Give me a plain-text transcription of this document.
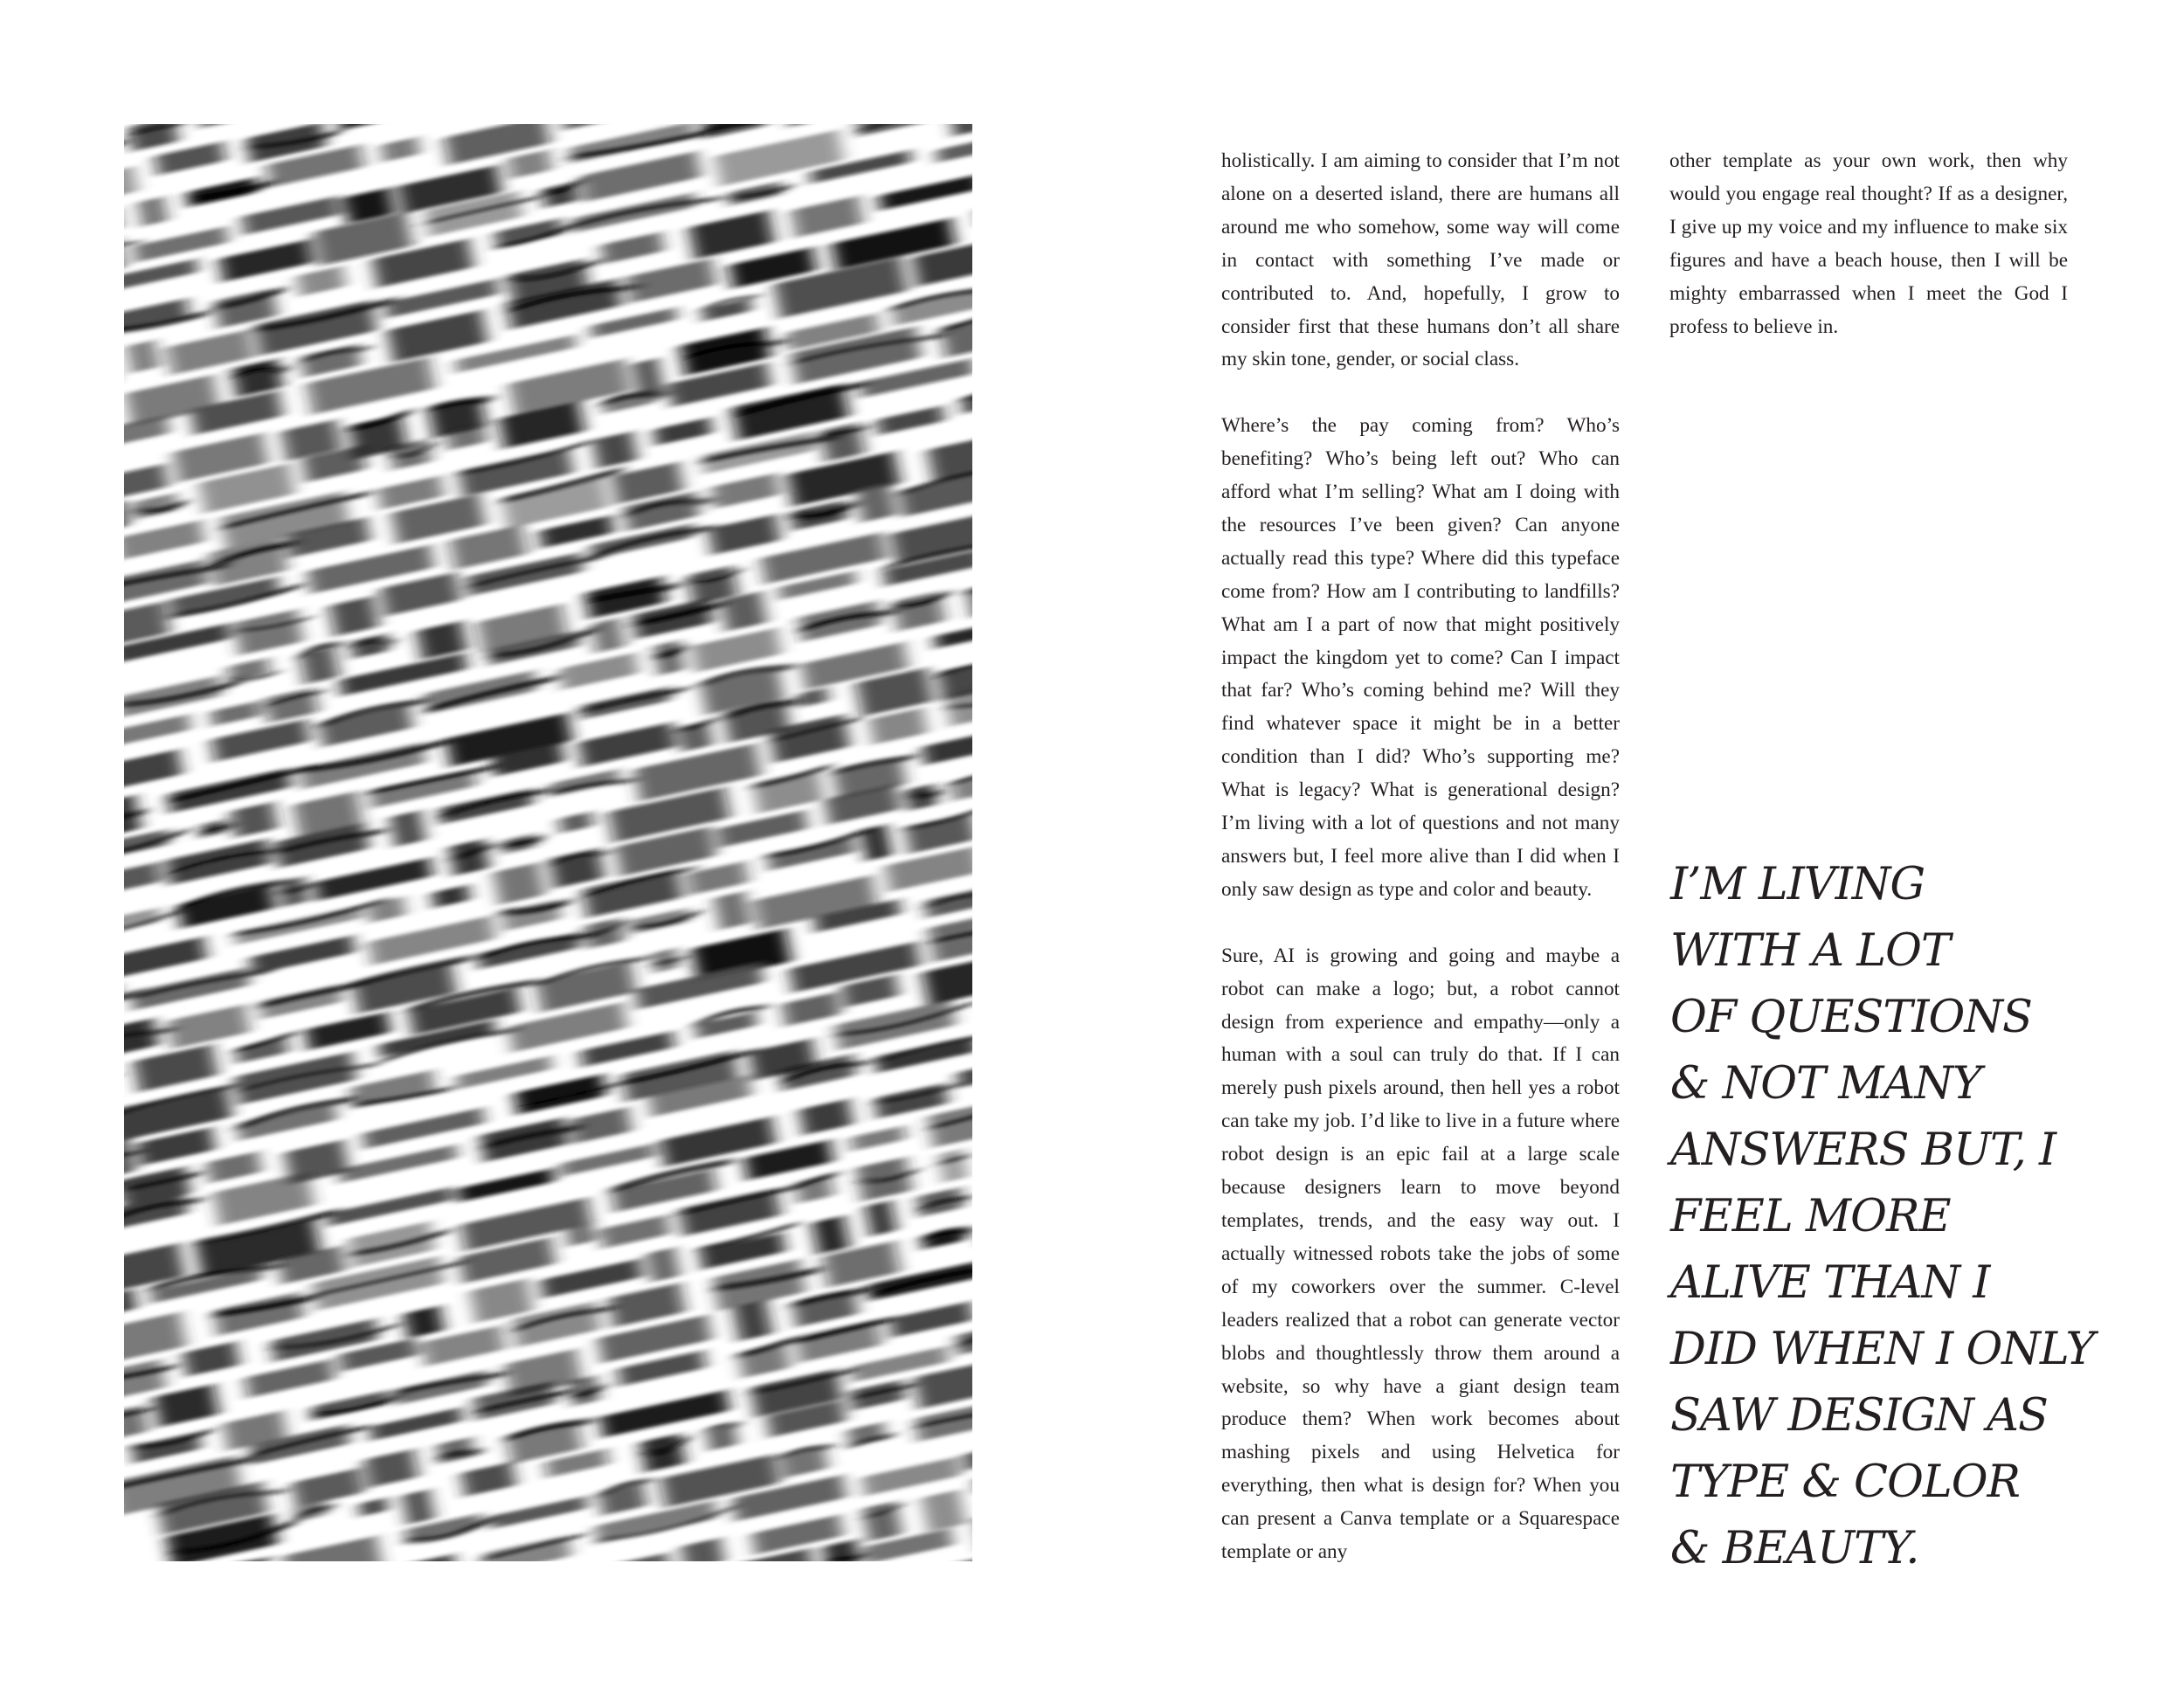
holistically. I am aiming to consider that I’m not alone on a deserted island, there are humans all around me who somehow, some way will come in contact with something I’ve made or contributed to. And, hopefully, I grow to consider first that these humans don’t all share my skin tone, gender, or social class.

Where’s the pay coming from? Who’s benefiting? Who’s being left out? Who can afford what I’m selling? What am I doing with the resources I’ve been given? Can anyone actually read this type? Where did this typeface come from? How am I contributing to landfills? What am I a part of now that might positively impact the kingdom yet to come? Can I impact that far? Who’s coming behind me? Will they find whatever space it might be in a better condition than I did? Who’s supporting me? What is legacy? What is generational design? I’m living with a lot of questions and not many answers but, I feel more alive than I did when I only saw design as type and color and beauty.

Sure, AI is growing and going and maybe a robot can make a logo; but, a robot cannot design from experience and empathy—only a human with a soul can truly do that. If I can merely push pixels around, then hell yes a robot can take my job. I’d like to live in a future where robot design is an epic fail at a large scale because designers learn to move beyond templates, trends, and the easy way out. I actually witnessed robots take the jobs of some of my coworkers over the summer. C-level leaders realized that a robot can generate vector blobs and thoughtlessly throw them around a website, so why have a giant design team produce them? When work becomes about mashing pixels and using Helvetica for everything, then what is design for? When you can present a Canva template or a Squarespace template or any

other template as your own work, then why would you engage real thought? If as a designer, I give up my voice and my influence to make six figures and have a beach house, then I will be mighty embarrassed when I meet the God I profess to believe in.

I’M LIVING
WITH A LOT
OF QUESTIONS
& NOT MANY
ANSWERS BUT, I
FEEL MORE
ALIVE THAN I
DID WHEN I ONLY
SAW DESIGN AS
TYPE & COLOR
& BEAUTY.
